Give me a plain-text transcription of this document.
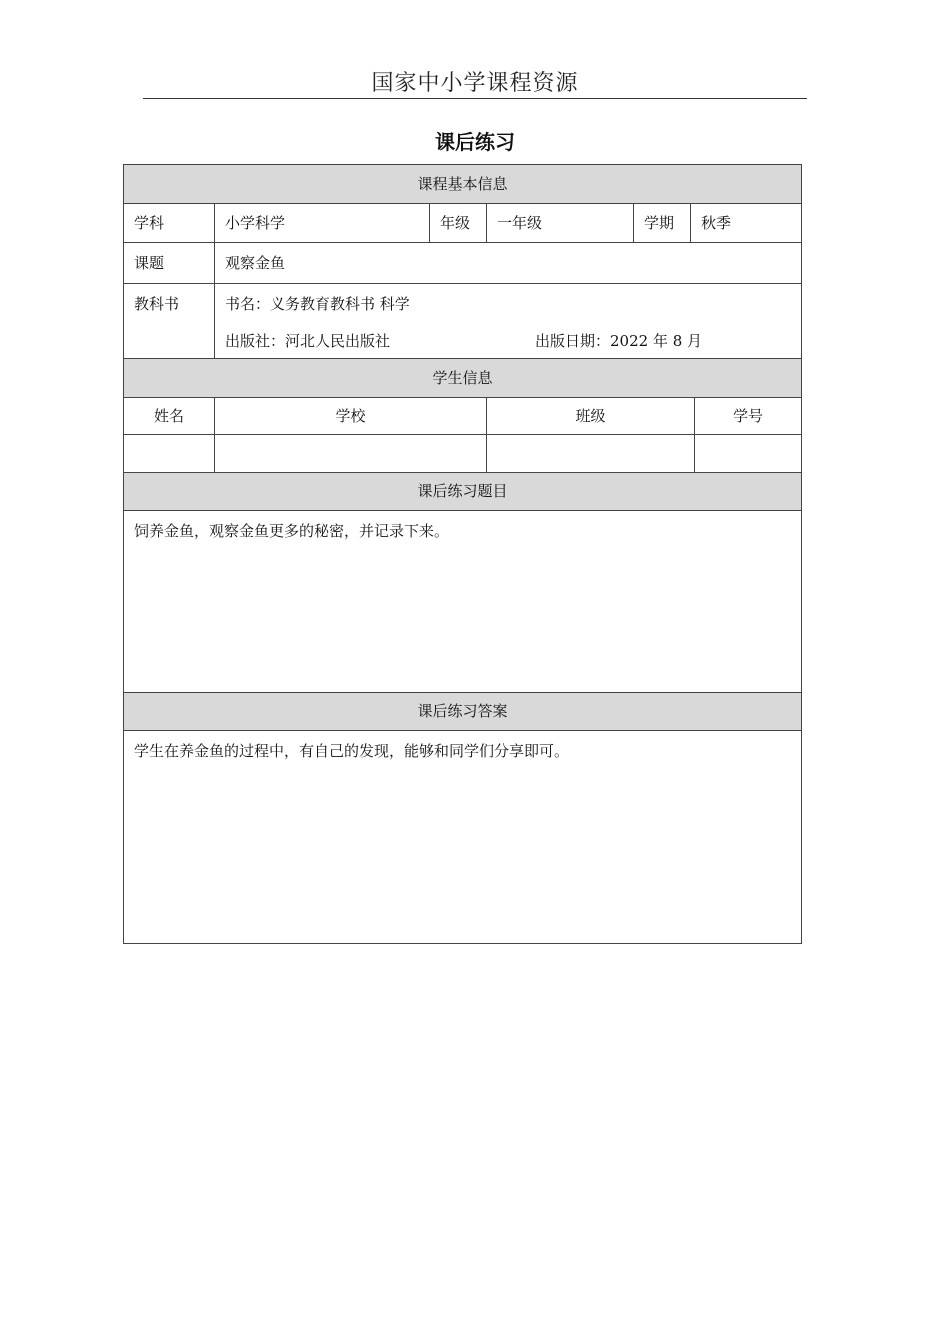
国家中小学课程资源
课后练习
课程基本信息
学科	小学科学	年级 一年级	学期 秋季
课题	观察金鱼
教科书	书名：义务教育教科书 科学
出版社：河北人民出版社	出版日期：2022 年 8 月
学生信息
姓名	学校	班级	学号
课后练习题目
饲养金鱼，观察金鱼更多的秘密，并记录下来。
课后练习答案
学生在养金鱼的过程中，有自己的发现，能够和同学们分享即可。
